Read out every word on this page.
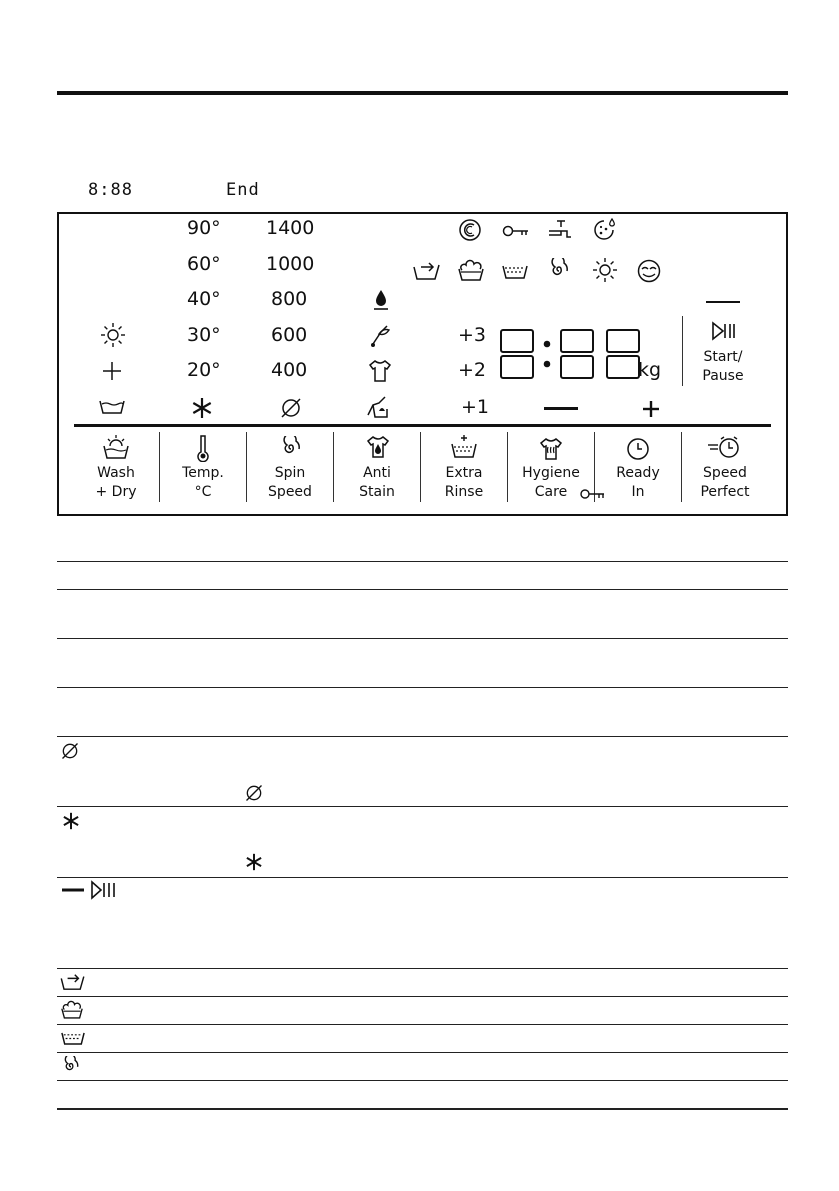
8:88	End
90°
60°
40°
30°
20°
1400
1000
800
600
400
+3
+2
+1
kg
Start/
Pause
Wash
+ Dry
Temp.
°C
Spin
Speed
Anti
Stain
Extra
Rinse
Hygiene
Care
Ready
In
Speed
Perfect
